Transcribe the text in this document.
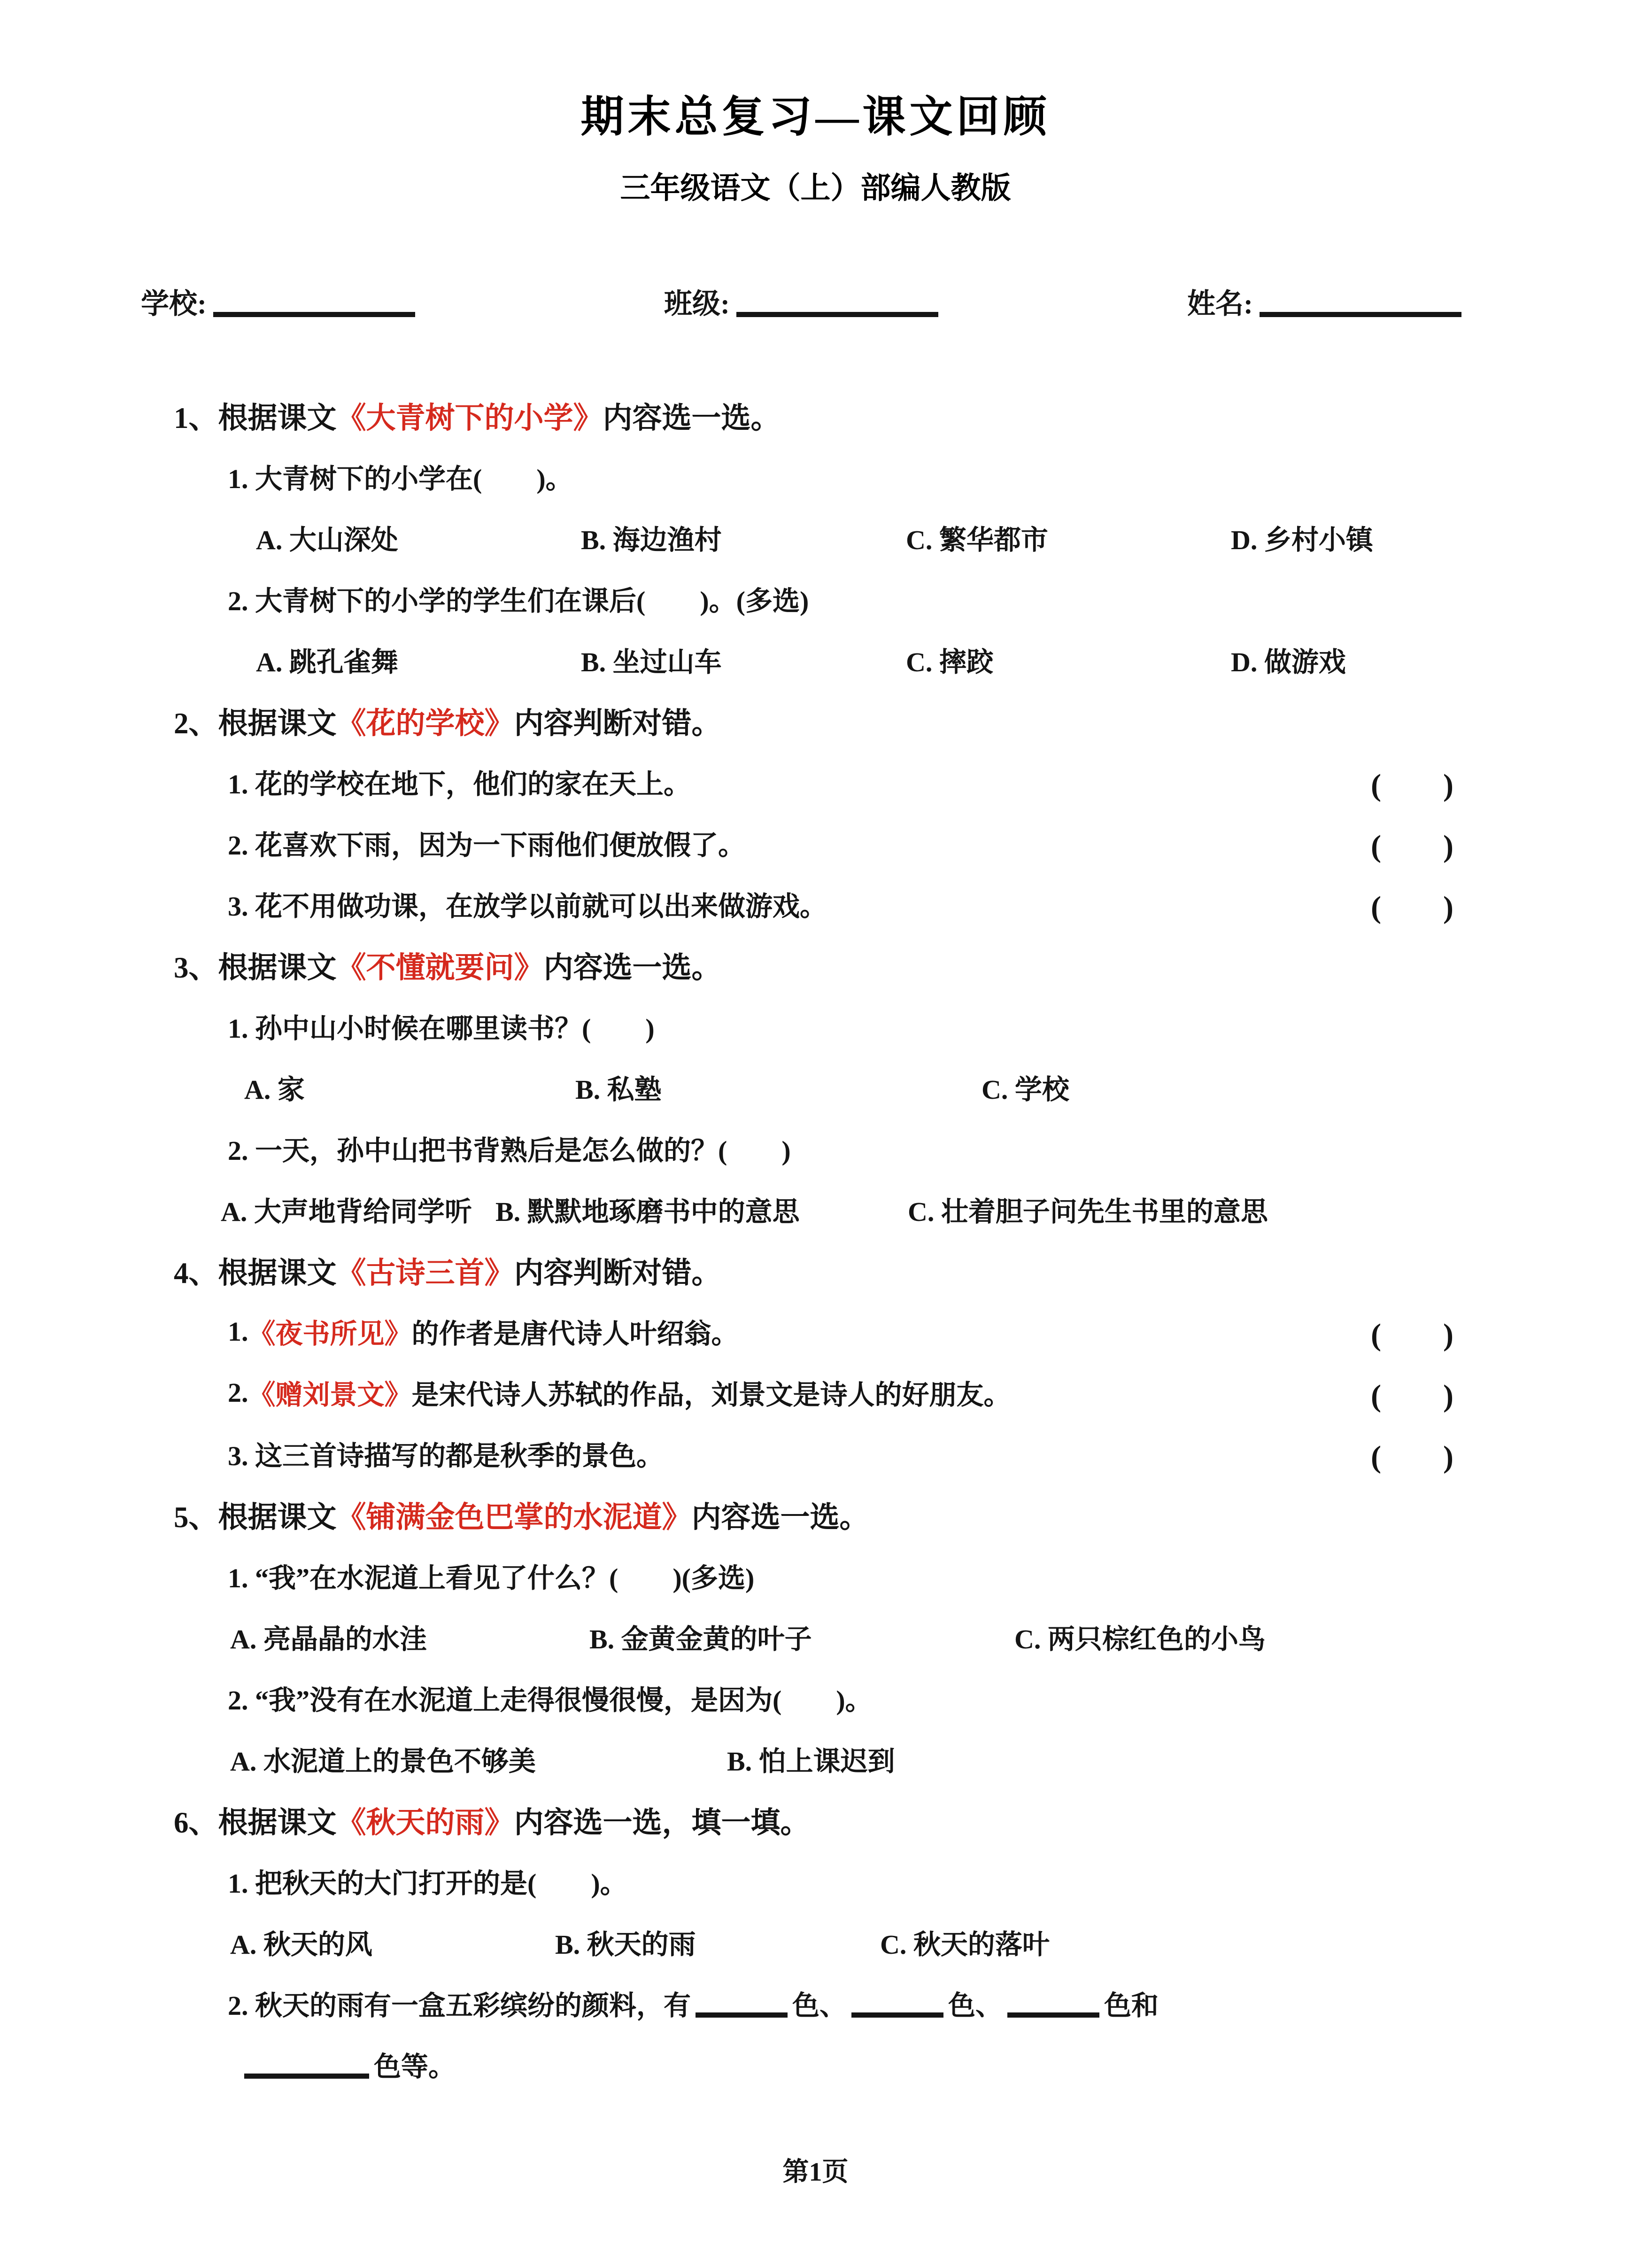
期末总复习—课文回顾
三年级语文（上）部编人教版
学校:	班级:	姓名:
1、根据课文 《大青树下的小学》 内容选一选。
1. 大青树下的小学在(　　)。
A. 大山深处	B. 海边渔村	C. 繁华都市	D. 乡村小镇
2. 大青树下的小学的学生们在课后(　　)。(多选)
A. 跳孔雀舞	B. 坐过山车	C. 摔跤	D. 做游戏
2、根据课文 《花的学校》 内容判断对错。
1. 花的学校在地下，他们的家在天上。	(　　)
2. 花喜欢下雨，因为一下雨他们便放假了。	(　　)
3. 花不用做功课，在放学以前就可以出来做游戏。	(　　)
3、根据课文 《不懂就要问》 内容选一选。
1. 孙中山小时候在哪里读书？(　　)
A. 家	B. 私塾	C. 学校
2. 一天，孙中山把书背熟后是怎么做的？(　　)
A. 大声地背给同学听 B. 默默地琢磨书中的意思	C. 壮着胆子问先生书里的意思
4、根据课文 《古诗三首》 内容判断对错。
1. 《夜书所见》 的作者是唐代诗人叶绍翁。	(　　)
2. 《赠刘景文》 是宋代诗人苏轼的作品，刘景文是诗人的好朋友。	(　　)
3. 这三首诗描写的都是秋季的景色。	(　　)
5、根据课文 《铺满金色巴掌的水泥道》 内容选一选。
1. “我”在水泥道上看见了什么？(　　)(多选)
A. 亮晶晶的水洼	B. 金黄金黄的叶子	C. 两只棕红色的小鸟
2. “我”没有在水泥道上走得很慢很慢，是因为(　　)。
A. 水泥道上的景色不够美	B. 怕上课迟到
6、根据课文 《秋天的雨》 内容选一选，填一填。
1. 把秋天的大门打开的是(　　)。
A. 秋天的风	B. 秋天的雨	C. 秋天的落叶
2. 秋天的雨有一盒五彩缤纷的颜料，有	色、	色、	色和
色等。
第1页
